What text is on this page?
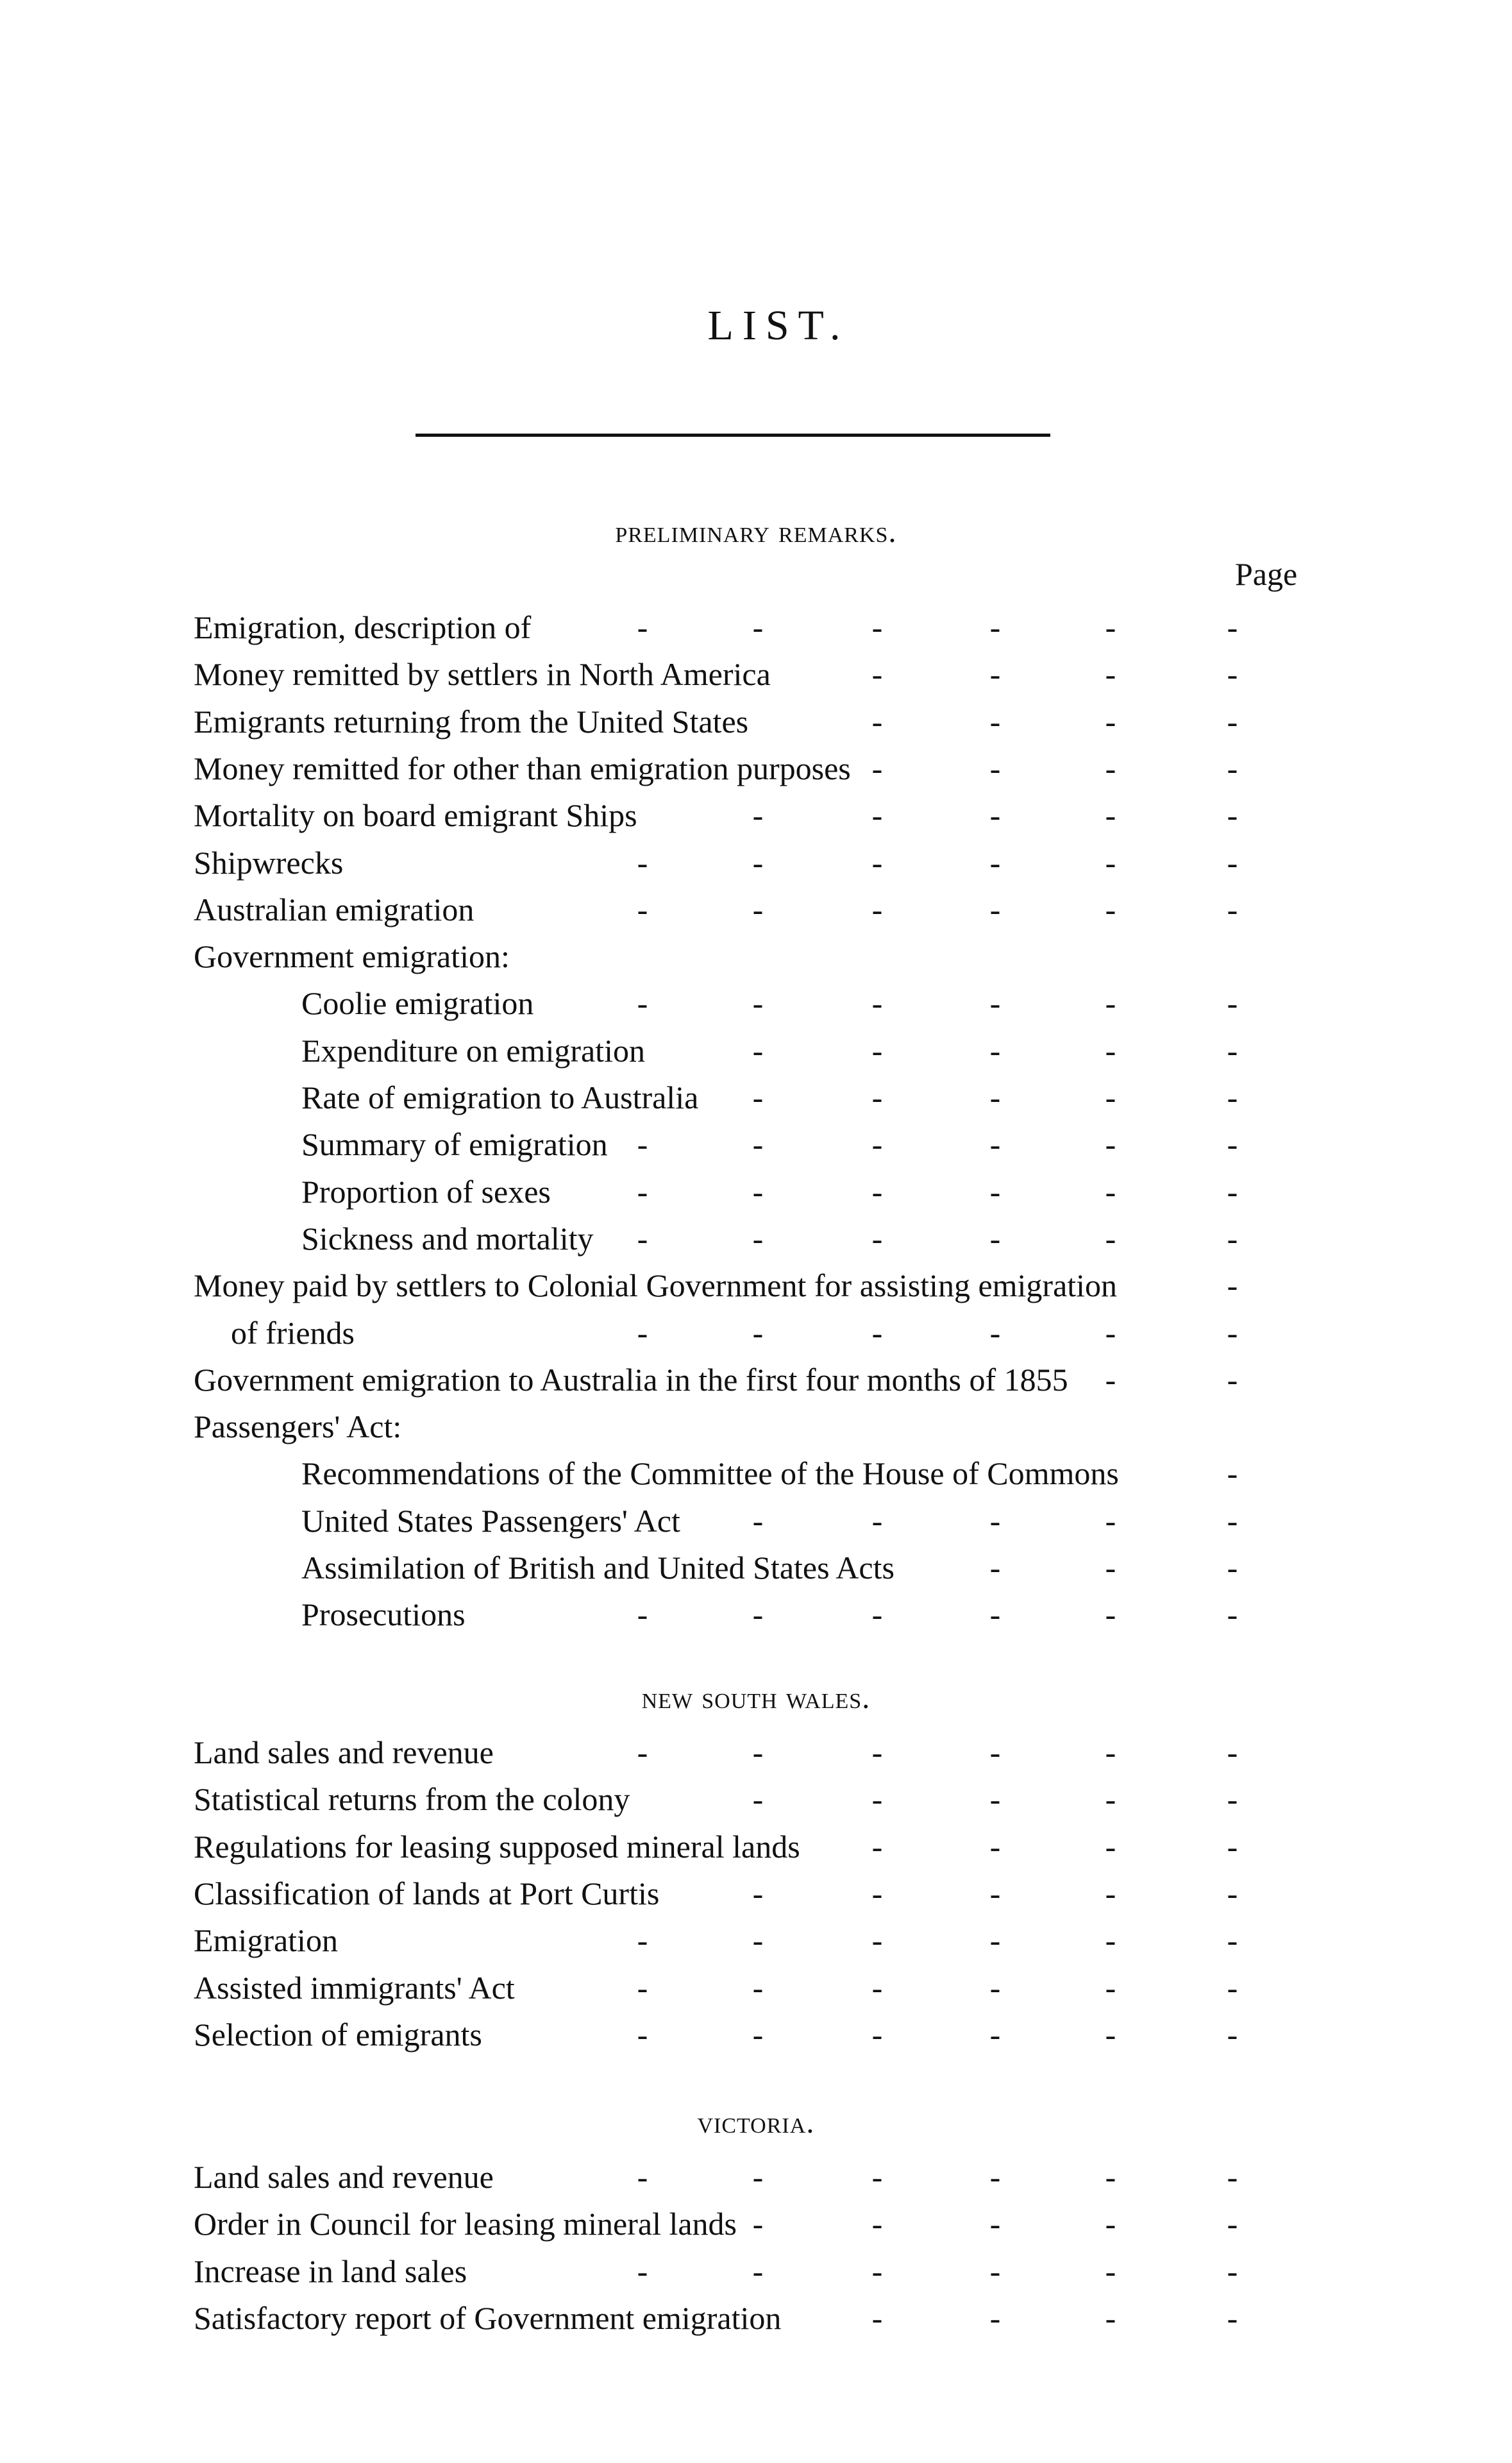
LIST.
Page
preliminary remarks.
Emigration, description of	-	-	-	-	-	-
Money remitted by settlers in North America	-	-	-	-
Emigrants returning from the United States	-	-	-	-
Money remitted for other than emigration purposes -	-	-	-
Mortality on board emigrant Ships	-	-	-	-	-
Shipwrecks	-	-	-	-	-	-
Australian emigration	-	-	-	-	-	-
Government emigration:
Coolie emigration	-	-	-	-	-	-
Expenditure on emigration	-	-	-	-	-
Rate of emigration to Australia -	-	-	-	-
Summary of emigration -	-	-	-	-	-
Proportion of sexes	-	-	-	-	-	-
Sickness and mortality -	-	-	-	-	-
Money paid by settlers to Colonial Government for assisting emigration	-
of friends	-	-	-	-	-	-
Government emigration to Australia in the first four months of 1855 -	-
Passengers' Act:
Recommendations of the Committee of the House of Commons	-
United States Passengers' Act -	-	-	-	-
Assimilation of British and United States Acts	-	-	-
Prosecutions	-	-	-	-	-	-
new south wales.
Land sales and revenue	-	-	-	-	-	-
Statistical returns from the colony	-	-	-	-	-
Regulations for leasing supposed mineral lands -	-	-	-
Classification of lands at Port Curtis	-	-	-	-	-
Emigration	-	-	-	-	-	-
Assisted immigrants' Act	-	-	-	-	-	-
Selection of emigrants	-	-	-	-	-	-
victoria.
Land sales and revenue	-	-	-	-	-	-
Order in Council for leasing mineral lands -	-	-	-	-
Increase in land sales	-	-	-	-	-	-
Satisfactory report of Government emigration	-	-	-	-
